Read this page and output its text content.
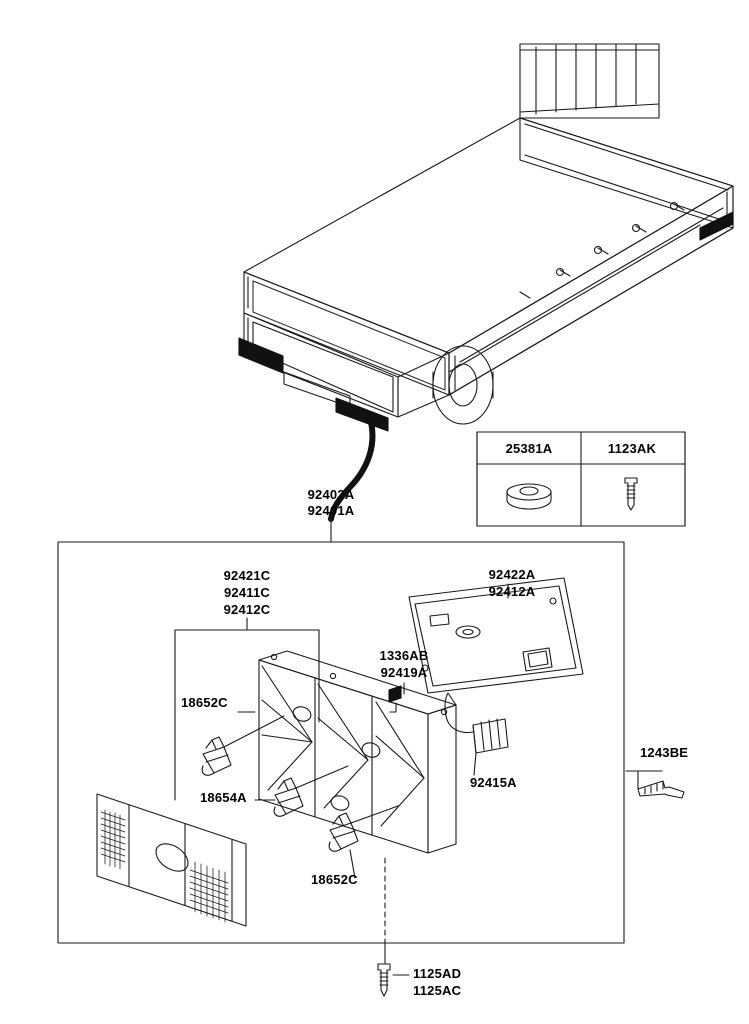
92402A
92401A
25381A	1123AK
92421C
92411C
92412C
92422A
92412A
1336AB
92419A
18652C
18654A
18652C
92415A
1243BE
1125AD
1125AC
